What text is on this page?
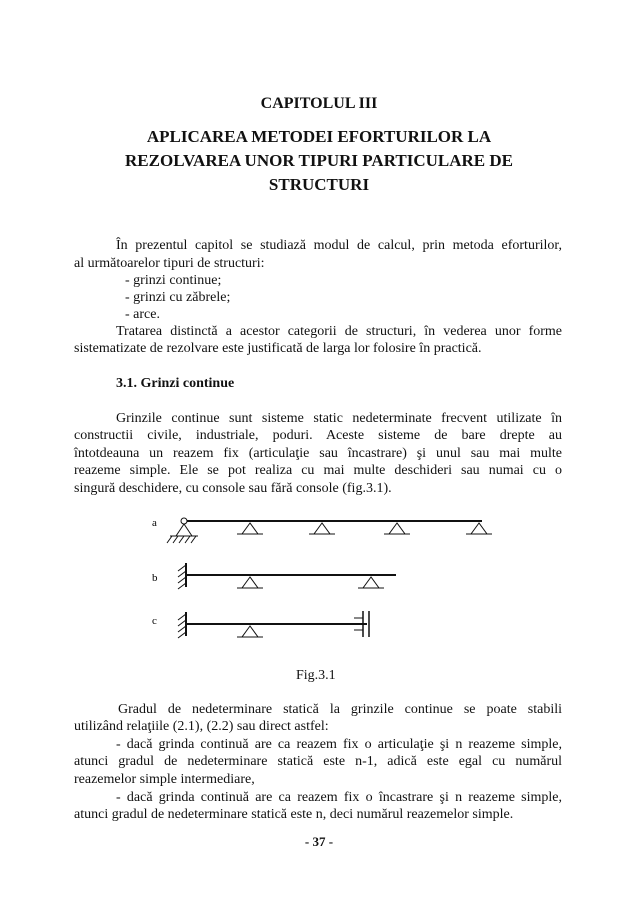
CAPITOLUL III
APLICAREA METODEI EFORTURILOR LA
REZOLVAREA UNOR TIPURI PARTICULARE DE
STRUCTURI
În prezentul capitol se studiază modul de calcul, prin metoda eforturilor,
al următoarelor tipuri de structuri:
- grinzi continue;
- grinzi cu zăbrele;
- arce.
Tratarea distinctă a acestor categorii de structuri, în vederea unor forme
sistematizate de rezolvare este justificată de larga lor folosire în practică.
3.1. Grinzi continue
Grinzile continue sunt sisteme static nedeterminate frecvent utilizate în
constructii civile, industriale, poduri. Aceste sisteme de bare drepte au
întotdeauna un reazem fix (articulaţie sau încastrare) şi unul sau mai multe
reazeme simple. Ele se pot realiza cu mai multe deschideri sau numai cu o
singură deschidere, cu console sau fără console (fig.3.1).
a
b
c
Fig.3.1
Gradul de nedeterminare statică la grinzile continue se poate stabili
utilizând relaţiile (2.1), (2.2) sau direct astfel:
- dacă grinda continuă are ca reazem fix o articulaţie şi n reazeme simple,
atunci gradul de nedeterminare statică este n-1, adică este egal cu numărul
reazemelor simple intermediare,
- dacă grinda continuă are ca reazem fix o încastrare şi n reazeme simple,
atunci gradul de nedeterminare statică este n, deci numărul reazemelor simple.
- 37 -
